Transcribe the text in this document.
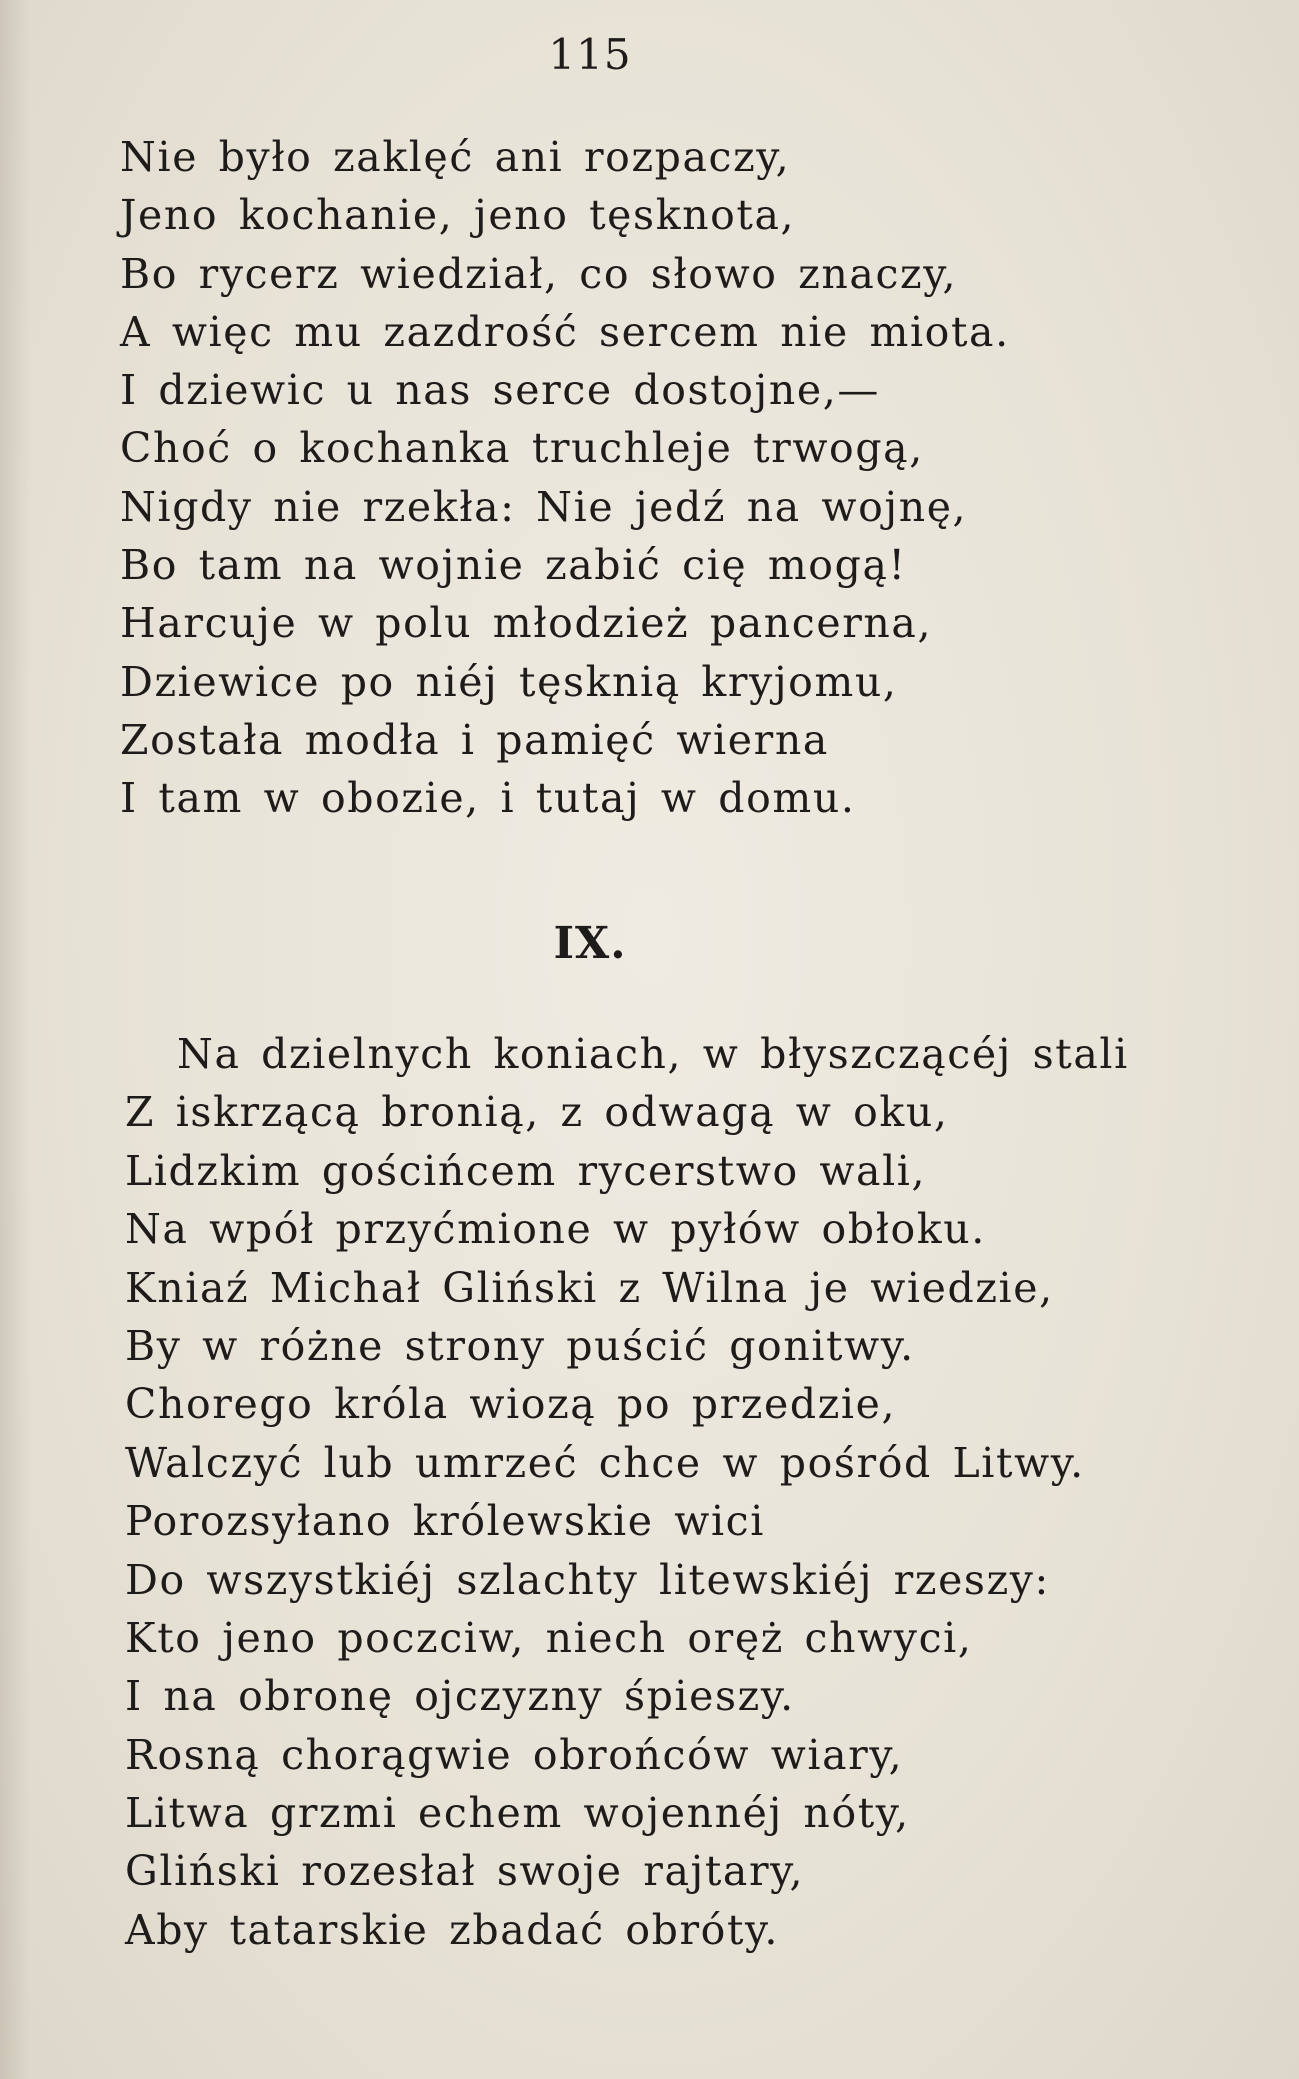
115

Nie było zaklęć ani rozpaczy,
Jeno kochanie, jeno tęsknota,
Bo rycerz wiedział, co słowo znaczy,
A więc mu zazdrość sercem nie miota.
I dziewic u nas serce dostojne,—
Choć o kochanka truchleje trwogą,
Nigdy nie rzekła: Nie jedź na wojnę,
Bo tam na wojnie zabić cię mogą!
Harcuje w polu młodzież pancerna,
Dziewice po niéj tęsknią kryjomu,
Została modła i pamięć wierna
I tam w obozie, i tutaj w domu.
IX.
Na dzielnych koniach, w błyszczącéj stali
Z iskrzącą bronią, z odwagą w oku,
Lidzkim gościńcem rycerstwo wali,
Na wpół przyćmione w pyłów obłoku.
Kniaź Michał Gliński z Wilna je wiedzie,
By w różne strony puścić gonitwy.
Chorego króla wiozą po przedzie,
Walczyć lub umrzeć chce w pośród Litwy.
Porozsyłano królewskie wici
Do wszystkiéj szlachty litewskiéj rzeszy:
Kto jeno poczciw, niech oręż chwyci,
I na obronę ojczyzny śpieszy.
Rosną chorągwie obrońców wiary,
Litwa grzmi echem wojennéj nóty,
Gliński rozesłał swoje rajtary,
Aby tatarskie zbadać obróty.
